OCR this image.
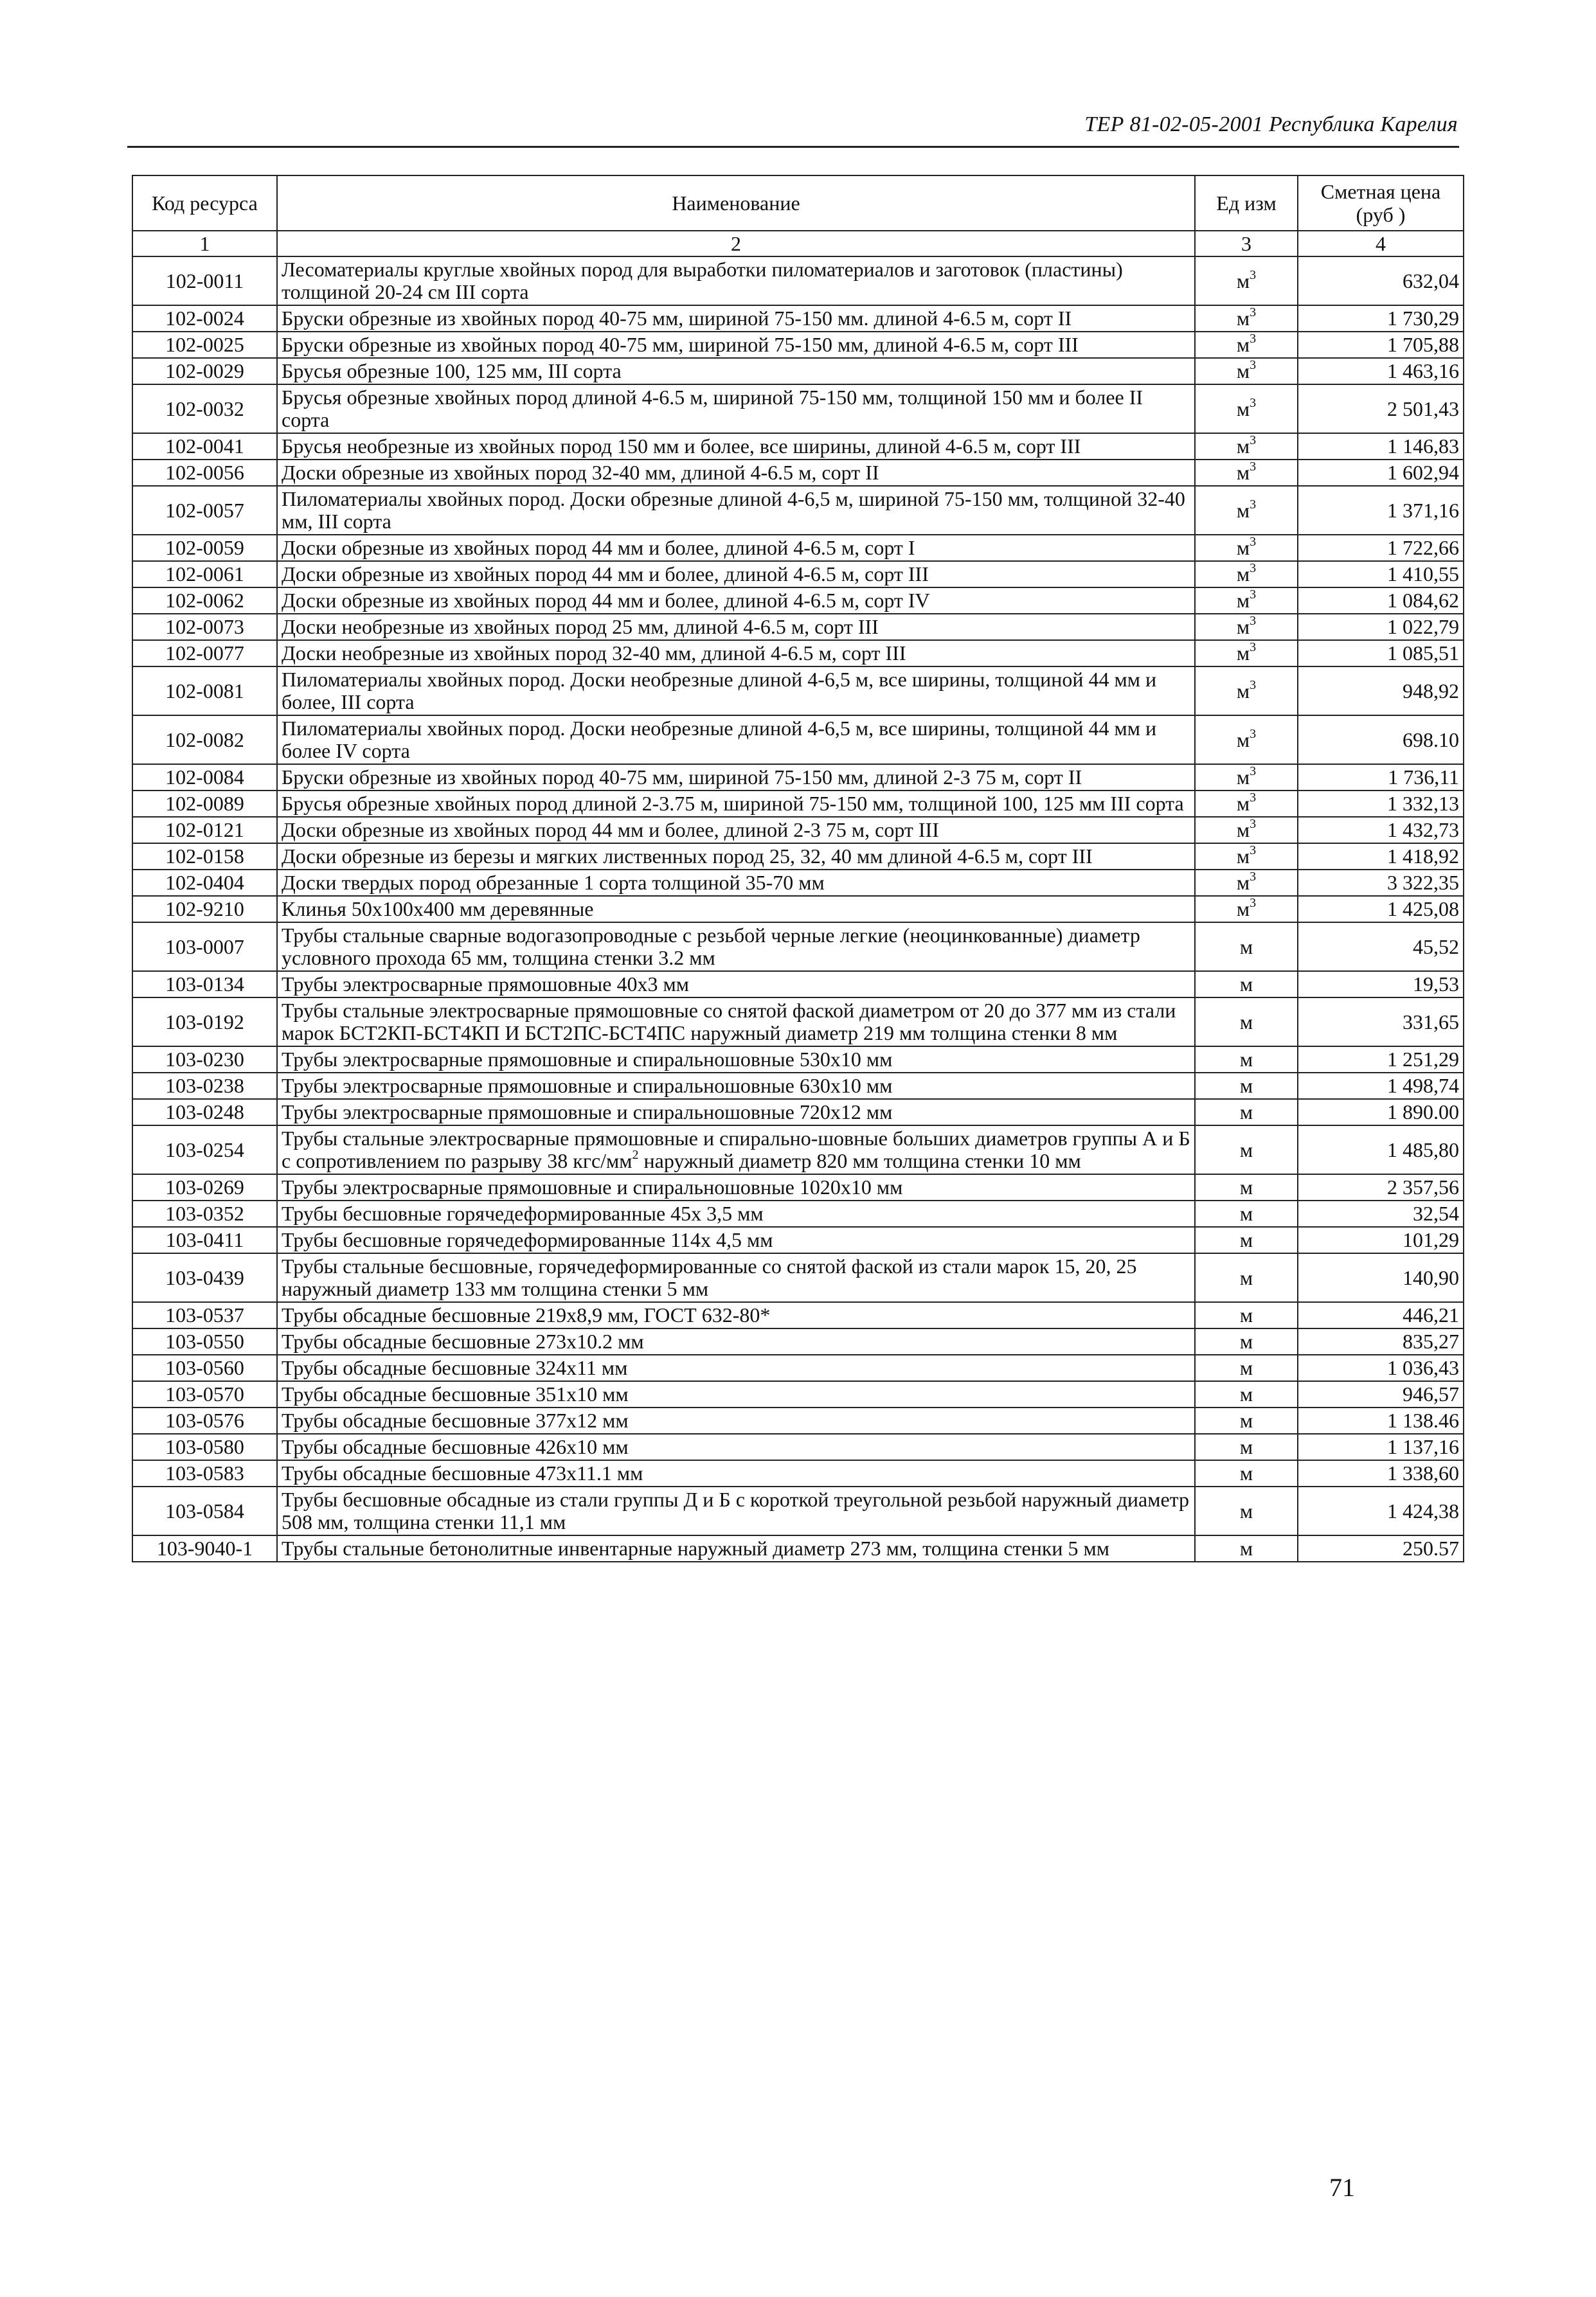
ТЕР 81-02-05-2001 Республика Карелия
Код ресурса	Наименование	Ед изм	Сметная цена (руб )
1	2	3	4
102-0011	Лесоматериалы круглые хвойных пород для выработки пиломатериалов и заготовок (пластины) толщиной 20-24 см III сорта	$м^3$	632,04
102-0024	Бруски обрезные из хвойных пород 40-75 мм, шириной 75-150 мм. длиной 4-6.5 м, сорт II	$м^3$	1 730,29
102-0025	Бруски обрезные из хвойных пород 40-75 мм, шириной 75-150 мм, длиной 4-6.5 м, сорт III	$м^3$	1 705,88
102-0029	Брусья обрезные 100, 125 мм, III сорта	$м^3$	1 463,16
102-0032	Брусья обрезные хвойных пород длиной 4-6.5 м, шириной 75-150 мм, толщиной 150 мм и более II сорта	$м^3$	2 501,43
102-0041	Брусья необрезные из хвойных пород 150 мм и более, все ширины, длиной 4-6.5 м, сорт III	$м^3$	1 146,83
102-0056	Доски обрезные из хвойных пород 32-40 мм, длиной 4-6.5 м, сорт II	$м^3$	1 602,94
102-0057	Пиломатериалы хвойных пород. Доски обрезные длиной 4-6,5 м, шириной 75-150 мм, толщиной 32-40 мм, III сорта	$м^3$	1 371,16
102-0059	Доски обрезные из хвойных пород 44 мм и более, длиной 4-6.5 м, сорт I	$м^3$	1 722,66
102-0061	Доски обрезные из хвойных пород 44 мм и более, длиной 4-6.5 м, сорт III	$м^3$	1 410,55
102-0062	Доски обрезные из хвойных пород 44 мм и более, длиной 4-6.5 м, сорт IV	$м^3$	1 084,62
102-0073	Доски необрезные из хвойных пород 25 мм, длиной 4-6.5 м, сорт III	$м^3$	1 022,79
102-0077	Доски необрезные из хвойных пород 32-40 мм, длиной 4-6.5 м, сорт III	$м^3$	1 085,51
102-0081	Пиломатериалы хвойных пород. Доски необрезные длиной 4-6,5 м, все ширины, толщиной 44 мм и более, III сорта	$м^3$	948,92
102-0082	Пиломатериалы хвойных пород. Доски необрезные длиной 4-6,5 м, все ширины, толщиной 44 мм и более IV сорта	$м^3$	698.10
102-0084	Бруски обрезные из хвойных пород 40-75 мм, шириной 75-150 мм, длиной 2-3 75 м, сорт II	$м^3$	1 736,11
102-0089	Брусья обрезные хвойных пород длиной 2-3.75 м, шириной 75-150 мм, толщиной 100, 125 мм III сорта	$м^3$	1 332,13
102-0121	Доски обрезные из хвойных пород 44 мм и более, длиной 2-3 75 м, сорт III	$м^3$	1 432,73
102-0158	Доски обрезные из березы и мягких лиственных пород 25, 32, 40 мм длиной 4-6.5 м, сорт III	$м^3$	1 418,92
102-0404	Доски твердых пород обрезанные 1 сорта толщиной 35-70 мм	$м^3$	3 322,35
102-9210	Клинья 50х100х400 мм деревянные	$м^3$	1 425,08
103-0007	Трубы стальные сварные водогазопроводные с резьбой черные легкие (неоцинкованные) диаметр условного прохода 65 мм, толщина стенки 3.2 мм	м	45,52
103-0134	Трубы электросварные прямошовные 40х3 мм	м	19,53
103-0192	Трубы стальные электросварные прямошовные со снятой фаской диаметром от 20 до 377 мм из стали марок БСТ2КП-БСТ4КП И БСТ2ПС-БСТ4ПС наружный диаметр 219 мм толщина стенки 8 мм	м	331,65
103-0230	Трубы электросварные прямошовные и спиральношовные 530х10 мм	м	1 251,29
103-0238	Трубы электросварные прямошовные и спиральношовные 630х10 мм	м	1 498,74
103-0248	Трубы электросварные прямошовные и спиральношовные 720х12 мм	м	1 890.00
103-0254	Трубы стальные электросварные прямошовные и спирально-шовные больших диаметров группы А и Б с сопротивлением по разрыву 38 кгс/$мм^2$ наружный диаметр 820 мм толщина стенки 10 мм	м	1 485,80
103-0269	Трубы электросварные прямошовные и спиральношовные 1020х10 мм	м	2 357,56
103-0352	Трубы бесшовные горячедеформированные 45х 3,5 мм	м	32,54
103-0411	Трубы бесшовные горячедеформированные 114х 4,5 мм	м	101,29
103-0439	Трубы стальные бесшовные, горячедеформированные со снятой фаской из стали марок 15, 20, 25 наружный диаметр 133 мм толщина стенки 5 мм	м	140,90
103-0537	Трубы обсадные бесшовные 219х8,9 мм, ГОСТ 632-80*	м	446,21
103-0550	Трубы обсадные бесшовные 273х10.2 мм	м	835,27
103-0560	Трубы обсадные бесшовные 324х11 мм	м	1 036,43
103-0570	Трубы обсадные бесшовные 351х10 мм	м	946,57
103-0576	Трубы обсадные бесшовные 377х12 мм	м	1 138.46
103-0580	Трубы обсадные бесшовные 426х10 мм	м	1 137,16
103-0583	Трубы обсадные бесшовные 473х11.1 мм	м	1 338,60
103-0584	Трубы бесшовные обсадные из стали группы Д и Б с короткой треугольной резьбой наружный диаметр 508 мм, толщина стенки 11,1 мм	м	1 424,38
103-9040-1	Трубы стальные бетонолитные инвентарные наружный диаметр 273 мм, толщина стенки 5 мм	м	250.57
71
